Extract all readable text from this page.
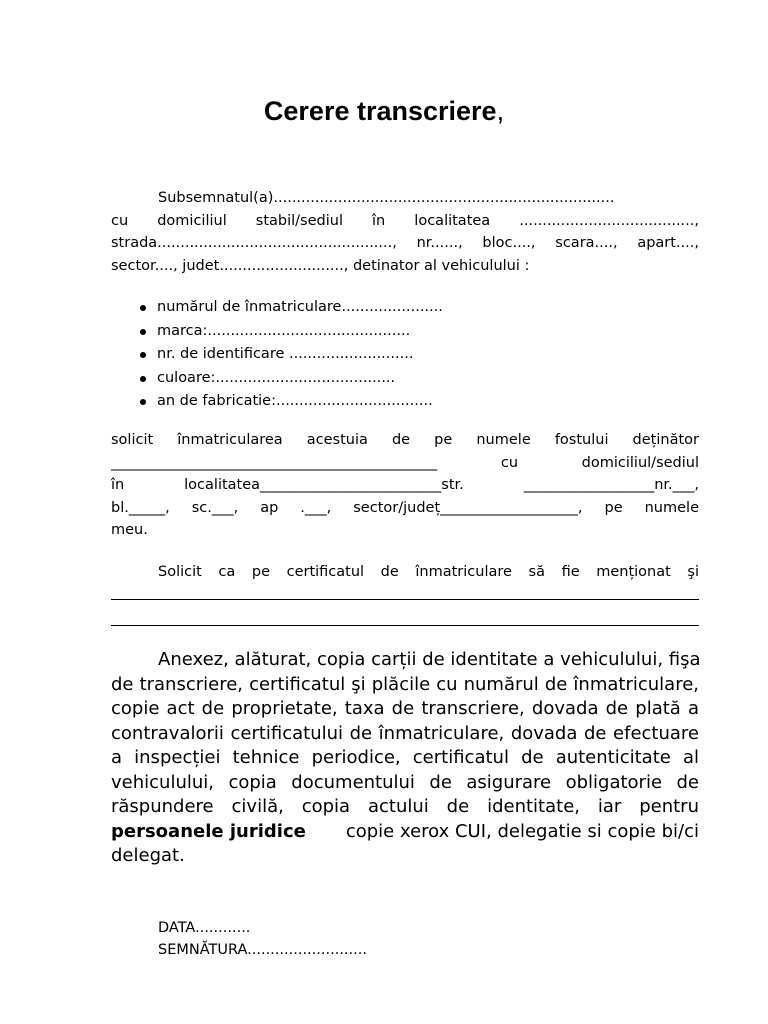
Cerere transcriere,
Subsemnatul(a)..........................................................................
cu domiciliul stabil/sediul în localitatea ......................................,
strada..................................................., nr......, bloc...., scara...., apart....,
sector...., judet..........................., detinator al vehiculului :
numărul de înmatriculare......................
marca:............................................
nr. de identificare ...........................
culoare:.......................................
an de fabricatie:..................................
solicit înmatricularea acestuia de pe numele fostului deținător
_____________________________________________ cu domiciliul/sediul
în localitatea_________________________str. __________________nr.___,
bl._____, sc.___, ap .___, sector/județ___________________, pe numele
meu.
Solicit ca pe certificatul de înmatriculare să fie menționat şi
Anexez, alăturat, copia carții de identitate a vehiculului, fişa
de transcriere, certificatul şi plăcile cu numărul de înmatriculare,
copie act de proprietate, taxa de transcriere, dovada de plată a
contravalorii certificatului de înmatriculare, dovada de efectuare
a inspecției tehnice periodice, certificatul de autenticitate al
vehiculului, copia documentului de asigurare obligatorie de
răspundere civilă, copia actului de identitate, iar pentru
persoanele juridice copie xerox CUI, delegatie si copie bi/ci
delegat.
DATA............
SEMNĂTURA..........................
